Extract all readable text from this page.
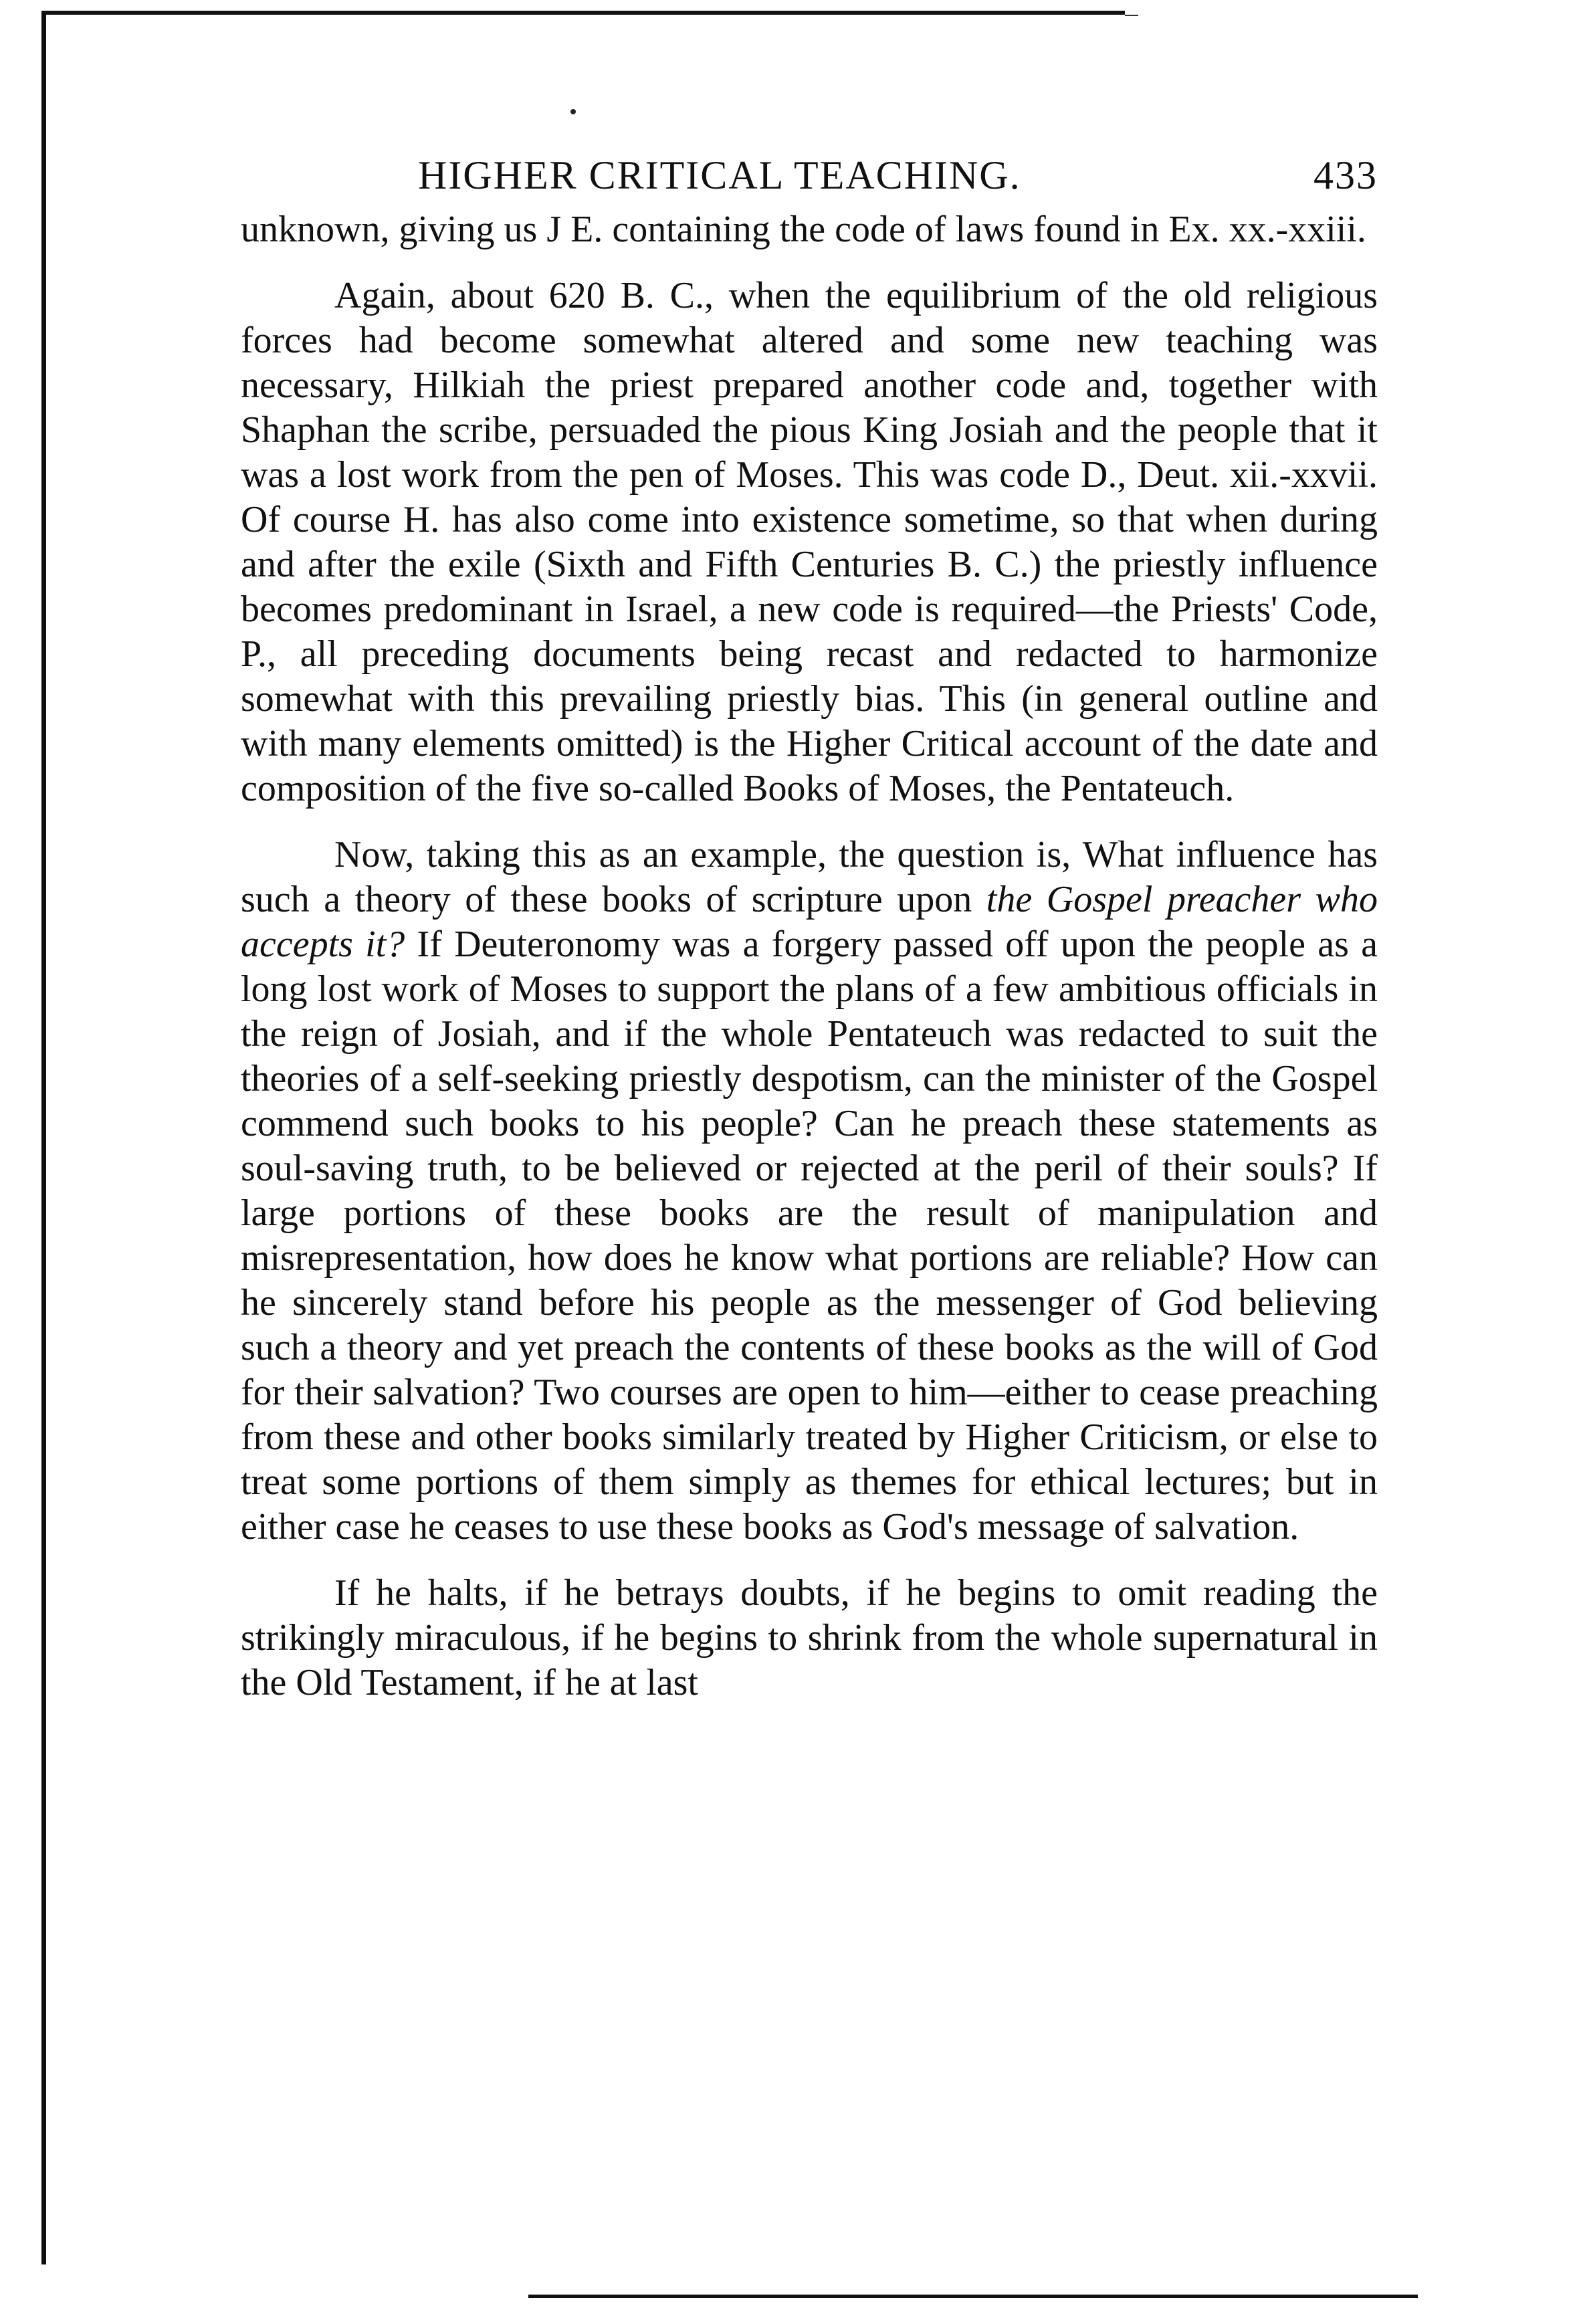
HIGHER CRITICAL TEACHING.	433

unknown, giving us J E. containing the code of laws found in Ex. xx.-xxiii.

Again, about 620 B. C., when the equilibrium of the old religious forces had become somewhat altered and some new teaching was necessary, Hilkiah the priest prepared another code and, together with Shaphan the scribe, persuaded the pious King Josiah and the people that it was a lost work from the pen of Moses. This was code D., Deut. xii.-xxvii. Of course H. has also come into existence sometime, so that when during and after the exile (Sixth and Fifth Centuries B. C.) the priestly influence becomes predominant in Israel, a new code is required—the Priests' Code, P., all preceding documents being recast and redacted to harmonize somewhat with this prevailing priestly bias. This (in general outline and with many elements omitted) is the Higher Critical account of the date and composition of the five so-called Books of Moses, the Pentateuch.

Now, taking this as an example, the question is, What influence has such a theory of these books of scripture upon the Gospel preacher who accepts it? If Deuteronomy was a forgery passed off upon the people as a long lost work of Moses to support the plans of a few ambitious officials in the reign of Josiah, and if the whole Pentateuch was redacted to suit the theories of a self-seeking priestly despotism, can the minister of the Gospel commend such books to his people? Can he preach these statements as soul-saving truth, to be believed or rejected at the peril of their souls? If large portions of these books are the result of manipulation and misrepresentation, how does he know what portions are reliable? How can he sincerely stand before his people as the messenger of God believing such a theory and yet preach the contents of these books as the will of God for their salvation? Two courses are open to him—either to cease preaching from these and other books similarly treated by Higher Criticism, or else to treat some portions of them simply as themes for ethical lectures; but in either case he ceases to use these books as God's message of salvation.

If he halts, if he betrays doubts, if he begins to omit reading the strikingly miraculous, if he begins to shrink from the whole supernatural in the Old Testament, if he at last
